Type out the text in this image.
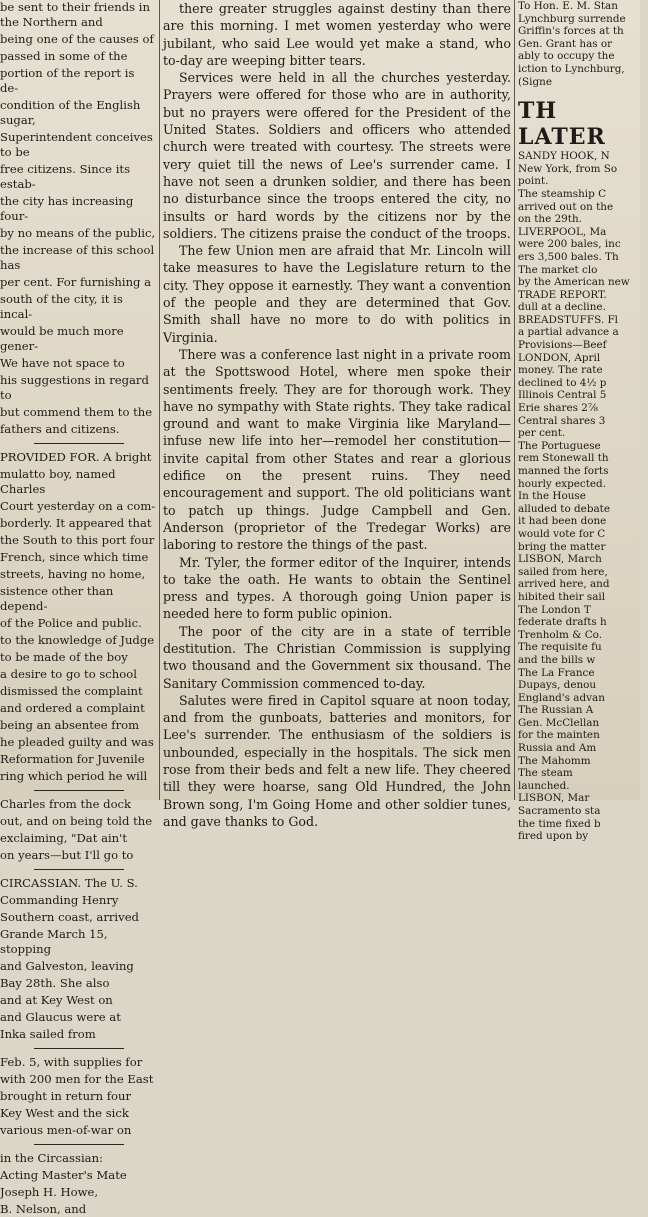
be sent to their friends in the Northern and

being one of the causes of

passed in some of the

portion of the report is de-

condition of the English sugar,

Superintendent conceives to be

free citizens. Since its estab-

the city has increasing four-

by no means of the public,

the increase of this school has

per cent. For furnishing a

south of the city, it is incal-

would be much more gener-

We have not space to

his suggestions in regard to

but commend them to the

fathers and citizens.

PROVIDED FOR. A bright

mulatto boy, named Charles

Court yesterday on a com-

borderly. It appeared that

the South to this port four

French, since which time

streets, having no home,

sistence other than depend-

of the Police and public.

to the knowledge of Judge

to be made of the boy

a desire to go to school

dismissed the complaint

and ordered a complaint

being an absentee from

he pleaded guilty and was

Reformation for Juvenile

ring which period he will

Charles from the dock

out, and on being told the

exclaiming, "Dat ain't

on years—but I'll go to

CIRCASSIAN. The U. S.

Commanding Henry

Southern coast, arrived

Grande March 15, stopping

and Galveston, leaving

Bay 28th. She also

and at Key West on

and Glaucus were at

Inka sailed from

Feb. 5, with supplies for

with 200 men for the East

brought in return four

Key West and the sick

various men-of-war on

in the Circassian:

Acting Master's Mate

Joseph H. Howe,

B. Nelson, and

there greater struggles against destiny than there are this morning. I met women yesterday who were jubilant, who said Lee would yet make a stand, who to-day are weeping bitter tears.

Services were held in all the churches yesterday. Prayers were offered for those who are in authority, but no prayers were offered for the President of the United States. Soldiers and officers who attended church were treated with courtesy. The streets were very quiet till the news of Lee's surrender came. I have not seen a drunken soldier, and there has been no disturbance since the troops entered the city, no insults or hard words by the citizens nor by the soldiers. The citizens praise the conduct of the troops.

The few Union men are afraid that Mr. Lincoln will take measures to have the Legislature return to the city. They oppose it earnestly. They want a convention of the people and they are determined that Gov. Smith shall have no more to do with politics in Virginia.

There was a conference last night in a private room at the Spottswood Hotel, where men spoke their sentiments freely. They are for thorough work. They have no sympathy with State rights. They take radical ground and want to make Virginia like Maryland—infuse new life into her—remodel her constitution—invite capital from other States and rear a glorious edifice on the present ruins. They need encouragement and support. The old politicians want to patch up things. Judge Campbell and Gen. Anderson (proprietor of the Tredegar Works) are laboring to restore the things of the past.

Mr. Tyler, the former editor of the Inquirer, intends to take the oath. He wants to obtain the Sentinel press and types. A thorough going Union paper is needed here to form public opinion.

The poor of the city are in a state of terrible destitution. The Christian Commission is supplying two thousand and the Government six thousand. The Sanitary Commission commenced to-day.

Salutes were fired in Capitol square at noon today, and from the gunboats, batteries and monitors, for Lee's surrender. The enthusiasm of the soldiers is unbounded, especially in the hospitals. The sick men rose from their beds and felt a new life. They cheered till they were hoarse, sang Old Hundred, the John Brown song, I'm Going Home and other soldier tunes, and gave thanks to God.

To Hon. E. M. Stan

Lynchburg surrende

Griffin's forces at th

Gen. Grant has or

ably to occupy the

iction to Lynchburg,

(Signe

TH

LATER

SANDY HOOK, N

New York, from So

point.

The steamship C

arrived out on the

on the 29th.

LIVERPOOL, Ma

were 200 bales, inc

ers 3,500 bales. Th

The market clo

by the American new

TRADE REPORT.

dull at a decline.

BREADSTUFFS. Fl

a partial advance a

Provisions—Beef

LONDON, April

money. The rate

declined to 4½ p

Illinois Central 5

Erie shares 2⅞

Central shares 3

per cent.

The Portuguese

rem Stonewall th

manned the forts

hourly expected.

In the House

alluded to debate

it had been done

would vote for C

bring the matter

LISBON, March

sailed from here,

arrived here, and

hibited their sail

The London T

federate drafts h

Trenholm & Co.

The requisite fu

and the bills w

The La France

Dupays, denou

England's advan

The Russian A

Gen. McClellan

for the mainten

Russia and Am

The Mahomm

The steam

launched.

LISBON, Mar

Sacramento sta

the time fixed b

fired upon by
